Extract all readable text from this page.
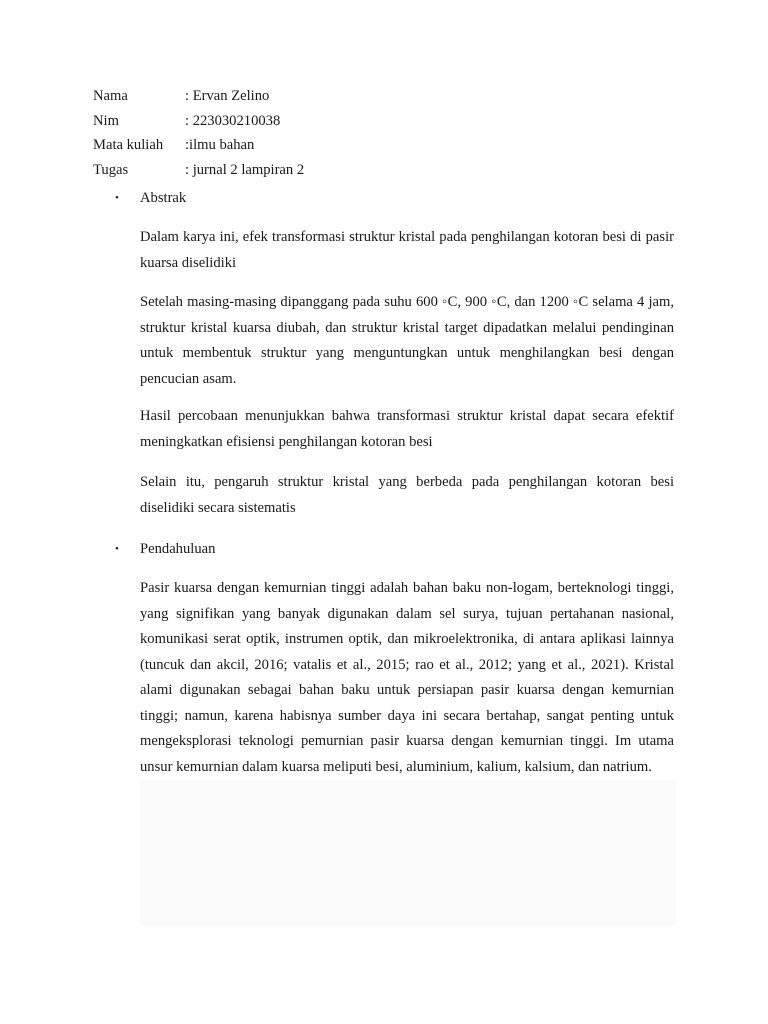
Nama	: Ervan Zelino
Nim	: 223030210038
Mata kuliah :ilmu bahan
Tugas	: jurnal 2 lampiran 2
• Abstrak

Dalam karya ini, efek transformasi struktur kristal pada penghilangan kotoran besi di pasir kuarsa diselidiki

Setelah masing-masing dipanggang pada suhu 600 ◦C, 900 ◦C, dan 1200 ◦C selama 4 jam, struktur kristal kuarsa diubah, dan struktur kristal target dipadatkan melalui pendinginan untuk membentuk struktur yang menguntungkan untuk menghilangkan besi dengan pencucian asam.

Hasil percobaan menunjukkan bahwa transformasi struktur kristal dapat secara efektif meningkatkan efisiensi penghilangan kotoran besi

Selain itu, pengaruh struktur kristal yang berbeda pada penghilangan kotoran besi diselidiki secara sistematis

• Pendahuluan

Pasir kuarsa dengan kemurnian tinggi adalah bahan baku non-logam, berteknologi tinggi, yang signifikan yang banyak digunakan dalam sel surya, tujuan pertahanan nasional, komunikasi serat optik, instrumen optik, dan mikroelektronika, di antara aplikasi lainnya (tuncuk dan akcil, 2016; vatalis et al., 2015; rao et al., 2012; yang et al., 2021). Kristal alami digunakan sebagai bahan baku untuk persiapan pasir kuarsa dengan kemurnian tinggi; namun, karena habisnya sumber daya ini secara bertahap, sangat penting untuk mengeksplorasi teknologi pemurnian pasir kuarsa dengan kemurnian tinggi. Im utama unsur kemurnian dalam kuarsa meliputi besi, aluminium, kalium, kalsium, dan natrium.
